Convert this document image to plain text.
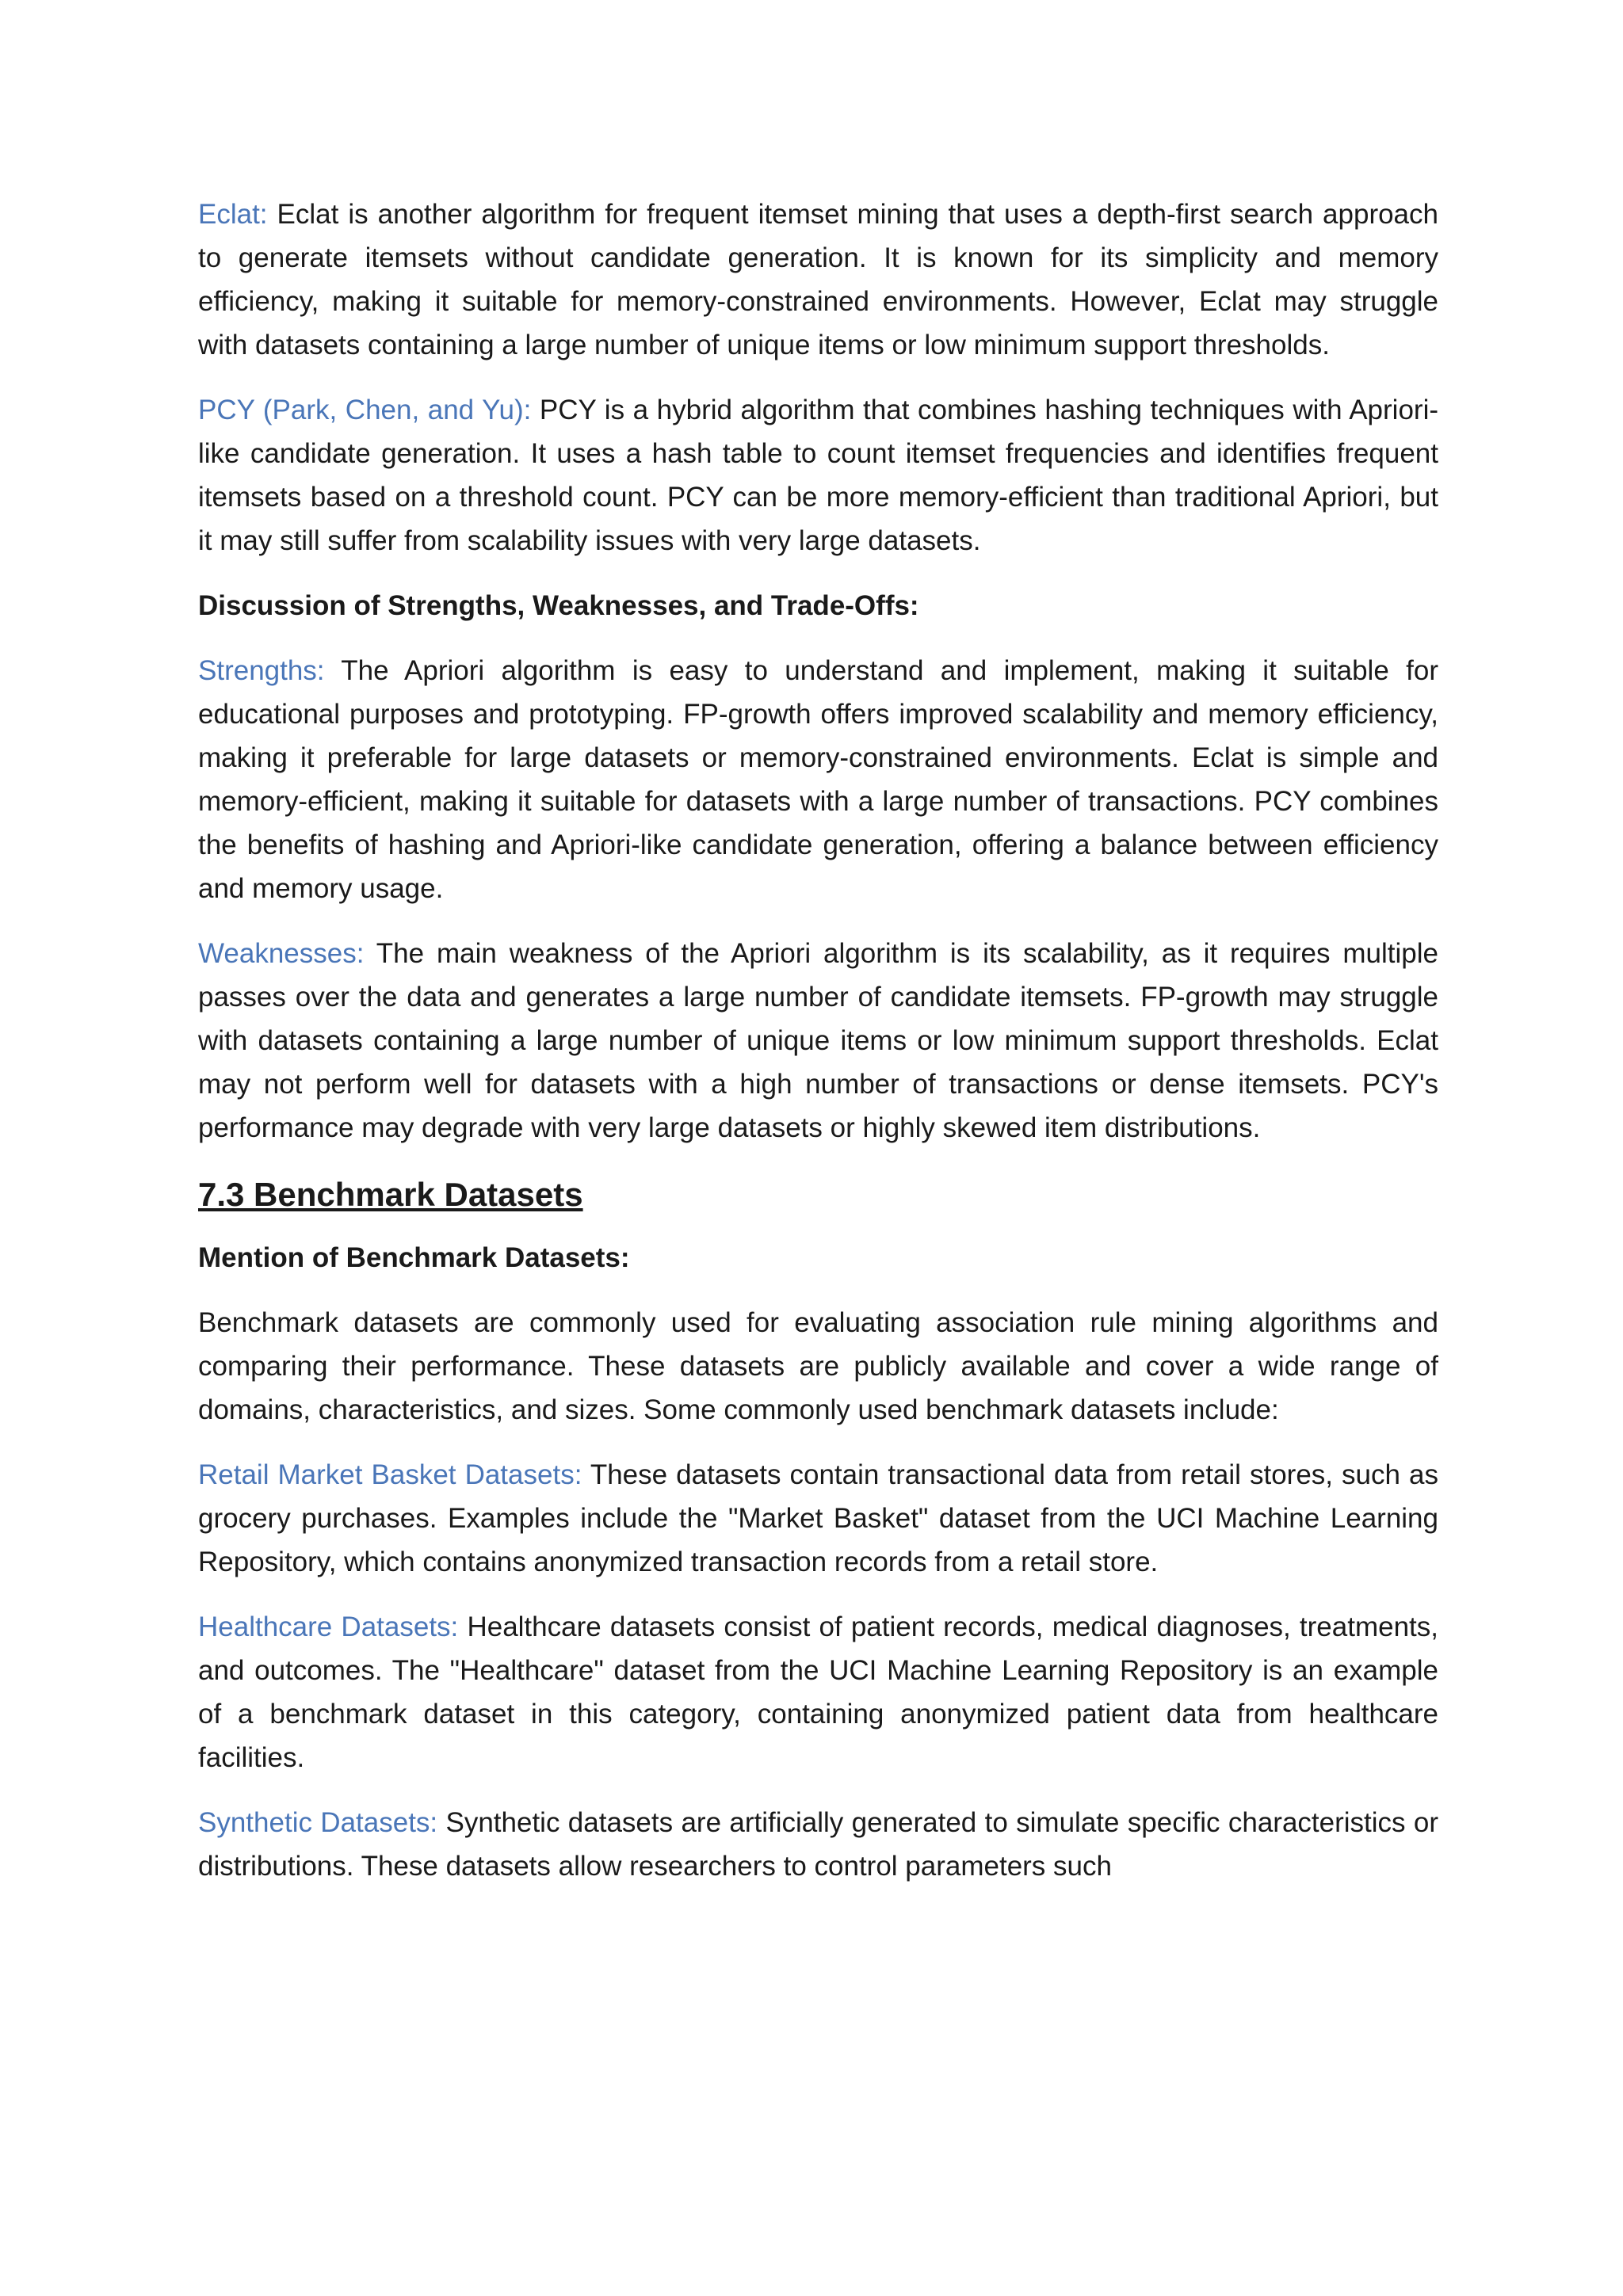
Eclat: Eclat is another algorithm for frequent itemset mining that uses a depth-first search approach to generate itemsets without candidate generation. It is known for its simplicity and memory efficiency, making it suitable for memory-constrained environments. However, Eclat may struggle with datasets containing a large number of unique items or low minimum support thresholds.

PCY (Park, Chen, and Yu): PCY is a hybrid algorithm that combines hashing techniques with Apriori-like candidate generation. It uses a hash table to count itemset frequencies and identifies frequent itemsets based on a threshold count. PCY can be more memory-efficient than traditional Apriori, but it may still suffer from scalability issues with very large datasets.

Discussion of Strengths, Weaknesses, and Trade-Offs:

Strengths: The Apriori algorithm is easy to understand and implement, making it suitable for educational purposes and prototyping. FP-growth offers improved scalability and memory efficiency, making it preferable for large datasets or memory-constrained environments. Eclat is simple and memory-efficient, making it suitable for datasets with a large number of transactions. PCY combines the benefits of hashing and Apriori-like candidate generation, offering a balance between efficiency and memory usage.

Weaknesses: The main weakness of the Apriori algorithm is its scalability, as it requires multiple passes over the data and generates a large number of candidate itemsets. FP-growth may struggle with datasets containing a large number of unique items or low minimum support thresholds. Eclat may not perform well for datasets with a high number of transactions or dense itemsets. PCY's performance may degrade with very large datasets or highly skewed item distributions.

7.3 Benchmark Datasets
Mention of Benchmark Datasets:

Benchmark datasets are commonly used for evaluating association rule mining algorithms and comparing their performance. These datasets are publicly available and cover a wide range of domains, characteristics, and sizes. Some commonly used benchmark datasets include:

Retail Market Basket Datasets: These datasets contain transactional data from retail stores, such as grocery purchases. Examples include the "Market Basket" dataset from the UCI Machine Learning Repository, which contains anonymized transaction records from a retail store.

Healthcare Datasets: Healthcare datasets consist of patient records, medical diagnoses, treatments, and outcomes. The "Healthcare" dataset from the UCI Machine Learning Repository is an example of a benchmark dataset in this category, containing anonymized patient data from healthcare facilities.

Synthetic Datasets: Synthetic datasets are artificially generated to simulate specific characteristics or distributions. These datasets allow researchers to control parameters such
